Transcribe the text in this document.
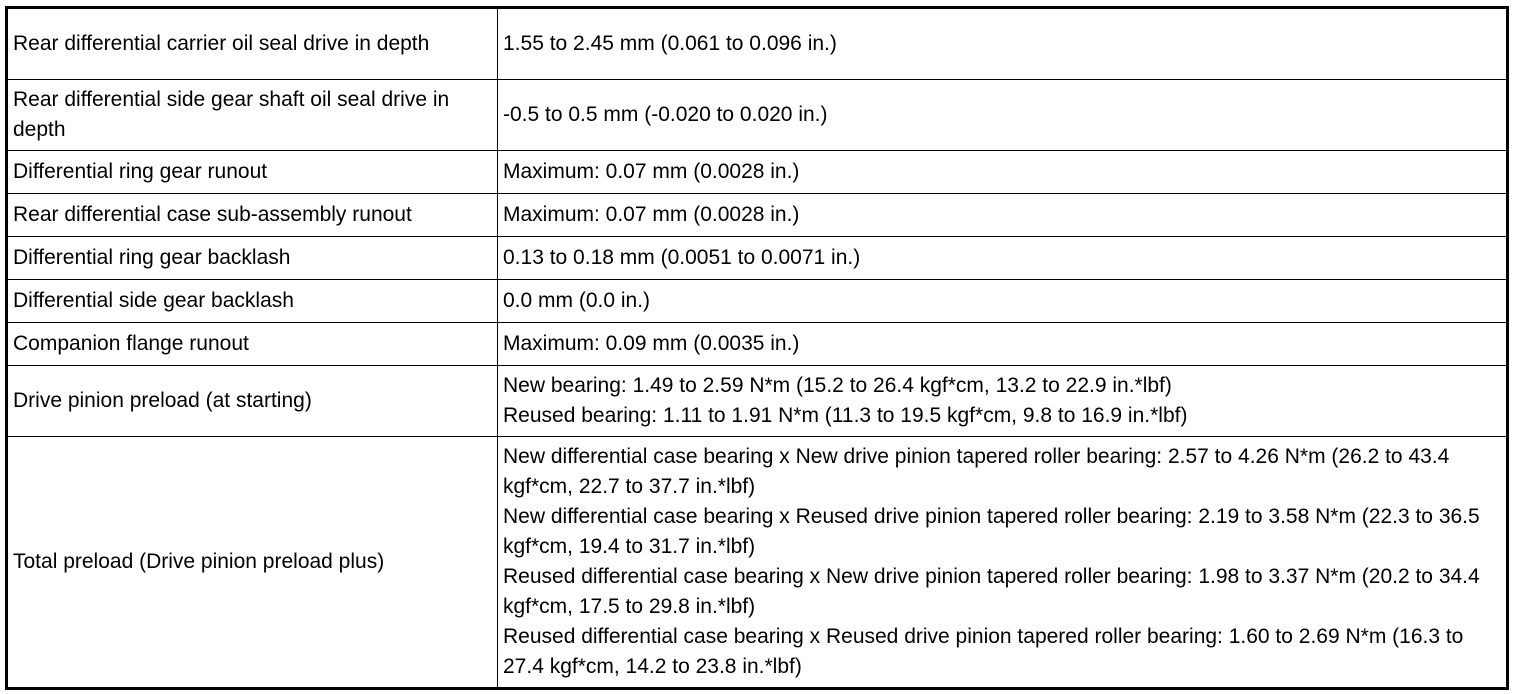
Rear differential carrier oil seal drive in depth	1.55 to 2.45 mm (0.061 to 0.096 in.)

Rear differential side gear shaft oil seal drive in depth	-0.5 to 0.5 mm (-0.020 to 0.020 in.)

Differential ring gear runout	Maximum: 0.07 mm (0.0028 in.)

Rear differential case sub-assembly runout	Maximum: 0.07 mm (0.0028 in.)

Differential ring gear backlash	0.13 to 0.18 mm (0.0051 to 0.0071 in.)

Differential side gear backlash	0.0 mm (0.0 in.)

Companion flange runout	Maximum: 0.09 mm (0.0035 in.)

Drive pinion preload (at starting)	New bearing: 1.49 to 2.59 N*m (15.2 to 26.4 kgf*cm, 13.2 to 22.9 in.*lbf)
Reused bearing: 1.11 to 1.91 N*m (11.3 to 19.5 kgf*cm, 9.8 to 16.9 in.*lbf)

Total preload (Drive pinion preload plus)	New differential case bearing x New drive pinion tapered roller bearing: 2.57 to 4.26 N*m (26.2 to 43.4 kgf*cm, 22.7 to 37.7 in.*lbf)
New differential case bearing x Reused drive pinion tapered roller bearing: 2.19 to 3.58 N*m (22.3 to 36.5 kgf*cm, 19.4 to 31.7 in.*lbf)
Reused differential case bearing x New drive pinion tapered roller bearing: 1.98 to 3.37 N*m (20.2 to 34.4 kgf*cm, 17.5 to 29.8 in.*lbf)
Reused differential case bearing x Reused drive pinion tapered roller bearing: 1.60 to 2.69 N*m (16.3 to 27.4 kgf*cm, 14.2 to 23.8 in.*lbf)
